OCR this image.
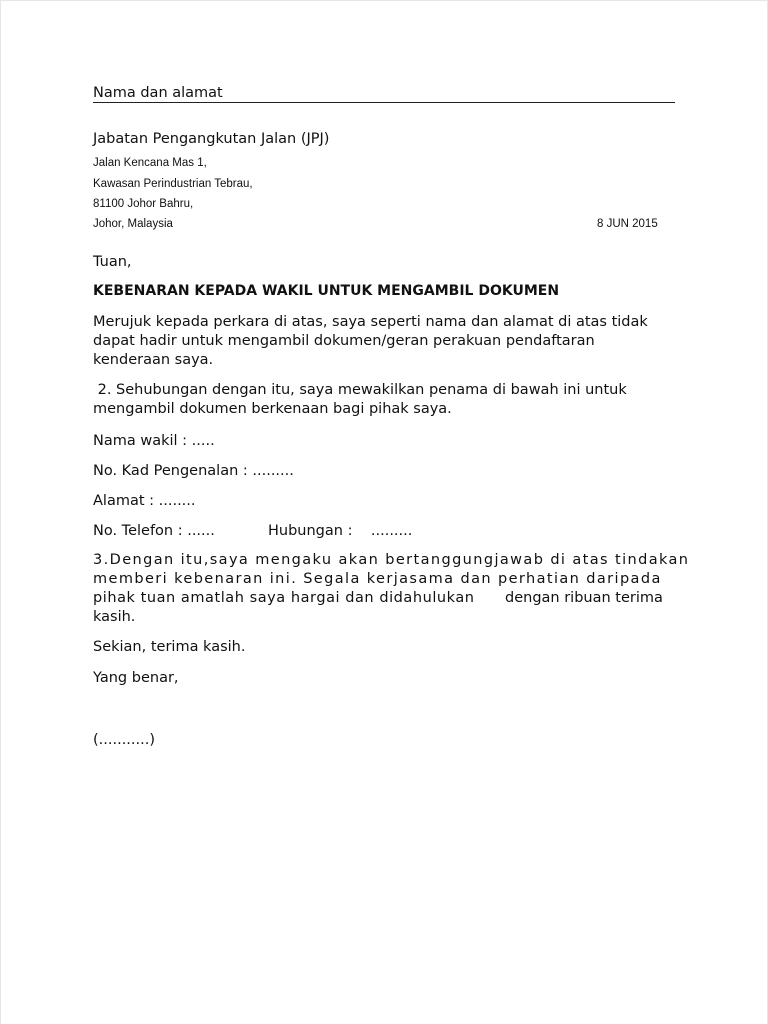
Nama dan alamat
Jabatan Pengangkutan Jalan (JPJ)
Jalan Kencana Mas 1,
Kawasan Perindustrian Tebrau,
81100 Johor Bahru,
Johor, Malaysia	8 JUN 2015
Tuan,
KEBENARAN KEPADA WAKIL UNTUK MENGAMBIL DOKUMEN
Merujuk kepada perkara di atas, saya seperti nama dan alamat di atas tidak
dapat hadir untuk mengambil dokumen/geran perakuan pendaftaran
kenderaan saya.
2. Sehubungan dengan itu, saya mewakilkan penama di bawah ini untuk
mengambil dokumen berkenaan bagi pihak saya.
Nama wakil : .....
No. Kad Pengenalan : .........
Alamat : ........
No. Telefon : ......	Hubungan :    .........
3.Dengan itu,saya mengaku akan bertanggungjawab di atas tindakan
memberi kebenaran ini. Segala kerjasama dan perhatian daripada
pihak tuan amatlah saya hargai dan didahulukan dengan ribuan terima
kasih.
Sekian, terima kasih.
Yang benar,
(...........)
